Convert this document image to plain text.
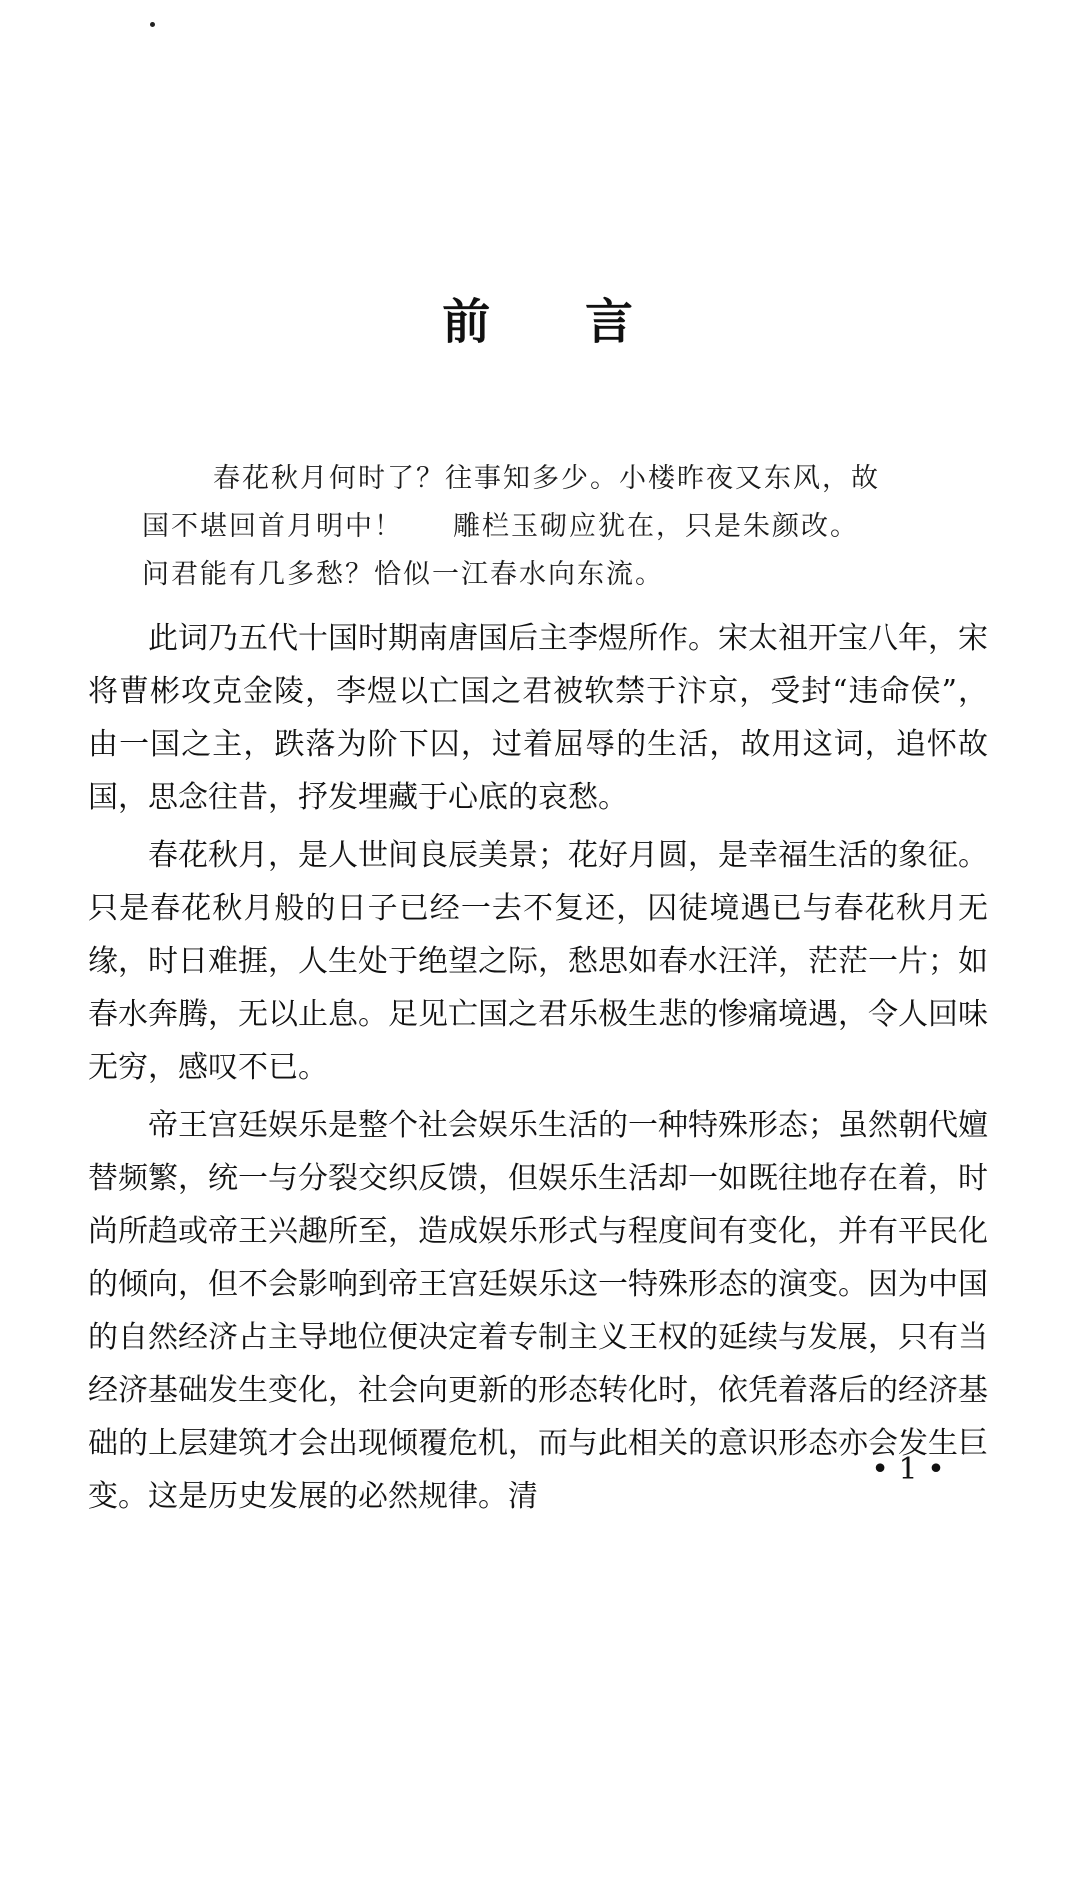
前 言
春花秋月何时了？往事知多少。小楼昨夜又东风，故
国不堪回首月明中！ 雕栏玉砌应犹在，只是朱颜改。
问君能有几多愁？恰似一江春水向东流。

此词乃五代十国时期南唐国后主李煜所作。宋太祖开宝八年，宋将曹彬攻克金陵，李煜以亡国之君被软禁于汴京，受封“违命侯”，由一国之主，跌落为阶下囚，过着屈辱的生活，故用这词，追怀故国，思念往昔，抒发埋藏于心底的哀愁。

春花秋月，是人世间良辰美景；花好月圆，是幸福生活的象征。只是春花秋月般的日子已经一去不复还，囚徒境遇已与春花秋月无缘，时日难捱，人生处于绝望之际，愁思如春水汪洋，茫茫一片；如春水奔腾，无以止息。足见亡国之君乐极生悲的惨痛境遇，令人回味无穷，感叹不已。

帝王宫廷娱乐是整个社会娱乐生活的一种特殊形态；虽然朝代嬗替频繁，统一与分裂交织反馈，但娱乐生活却一如既往地存在着，时尚所趋或帝王兴趣所至，造成娱乐形式与程度间有变化，并有平民化的倾向，但不会影响到帝王宫廷娱乐这一特殊形态的演变。因为中国的自然经济占主导地位便决定着专制主义王权的延续与发展，只有当经济基础发生变化，社会向更新的形态转化时，依凭着落后的经济基础的上层建筑才会出现倾覆危机，而与此相关的意识形态亦会发生巨变。这是历史发展的必然规律。清

• 1 •
